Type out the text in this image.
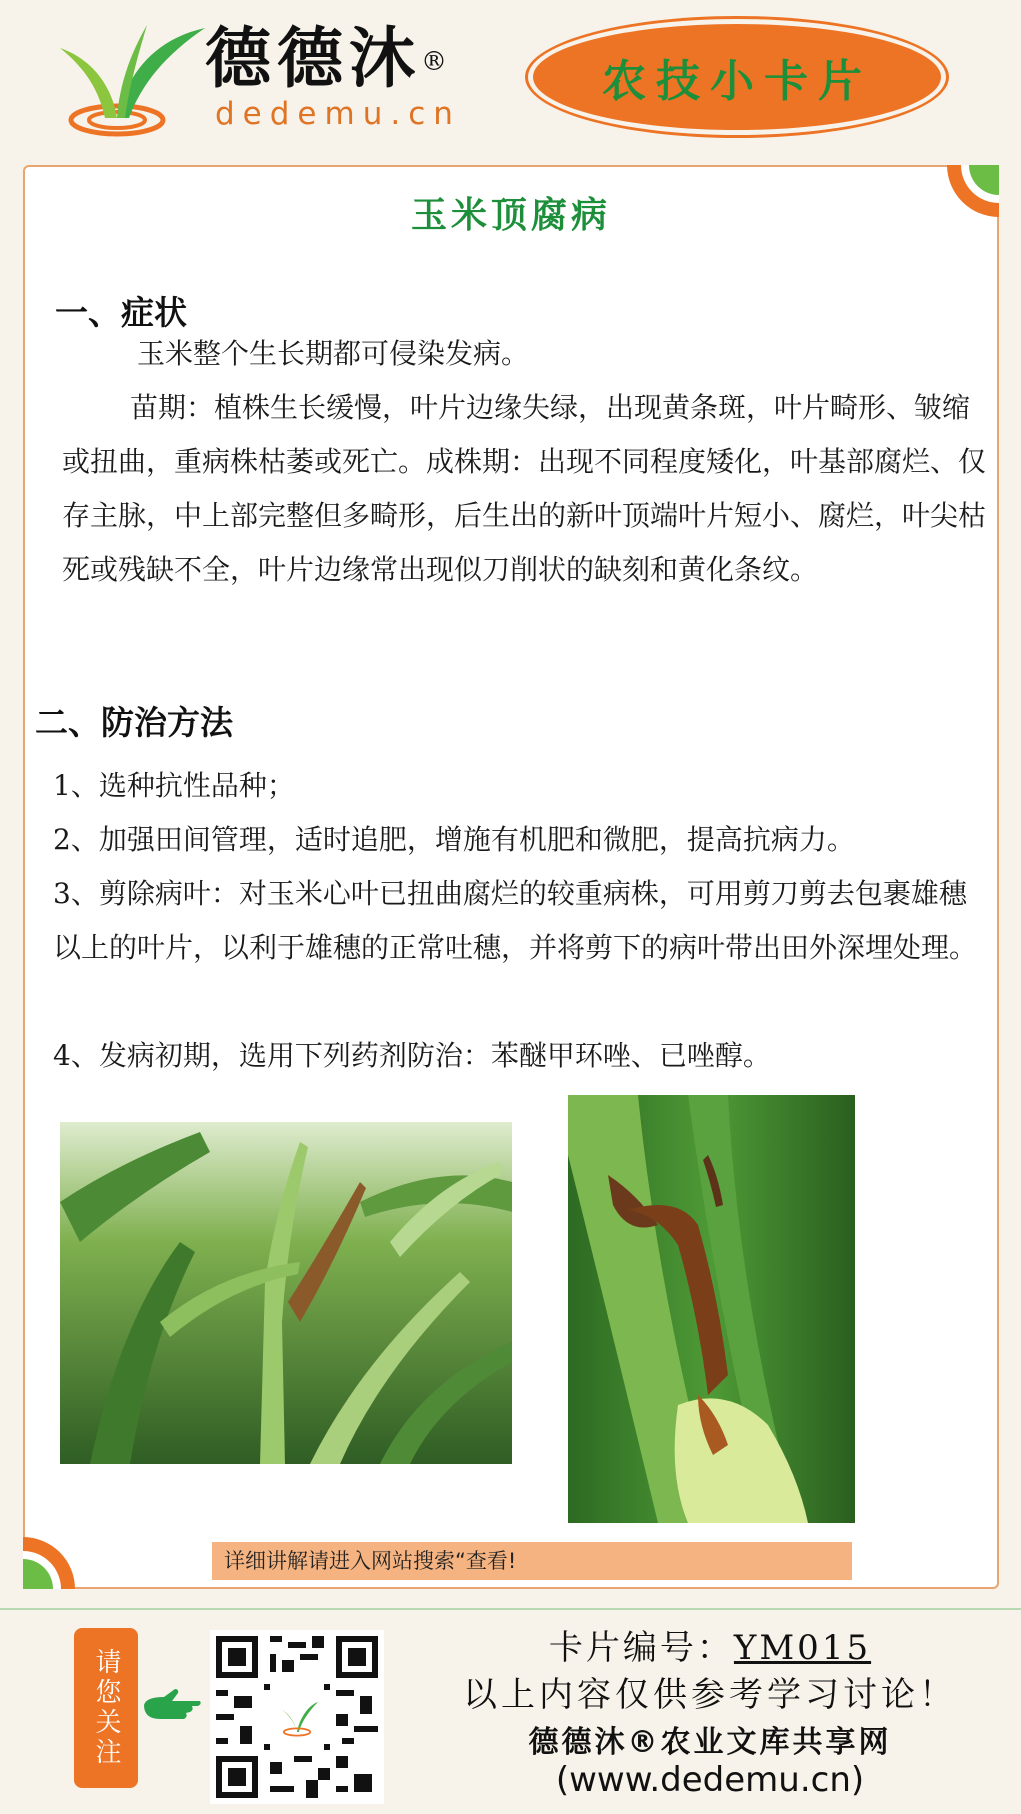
德德沐®
dedemu.cn
农技小卡片
玉米顶腐病
一、症状
玉米整个生长期都可侵染发病。
苗期：植株生长缓慢，叶片边缘失绿，出现黄条斑，叶片畸形、皱缩或扭曲，重病株枯萎或死亡。成株期：出现不同程度矮化，叶基部腐烂、仅存主脉，中上部完整但多畸形，后生出的新叶顶端叶片短小、腐烂，叶尖枯死或残缺不全，叶片边缘常出现似刀削状的缺刻和黄化条纹。
二、防治方法
1、选种抗性品种；
2、加强田间管理，适时追肥，增施有机肥和微肥，提高抗病力。
3、剪除病叶：对玉米心叶已扭曲腐烂的较重病株，可用剪刀剪去包裹雄穗以上的叶片，以利于雄穗的正常吐穗，并将剪下的病叶带出田外深埋处理。
4、发病初期，选用下列药剂防治：苯醚甲环唑、已唑醇。
详细讲解请进入网站搜索“查看!
请您关注	卡片编号：YM015
以上内容仅供参考学习讨论！
德德沐®农业文库共享网
(www.dedemu.cn)
